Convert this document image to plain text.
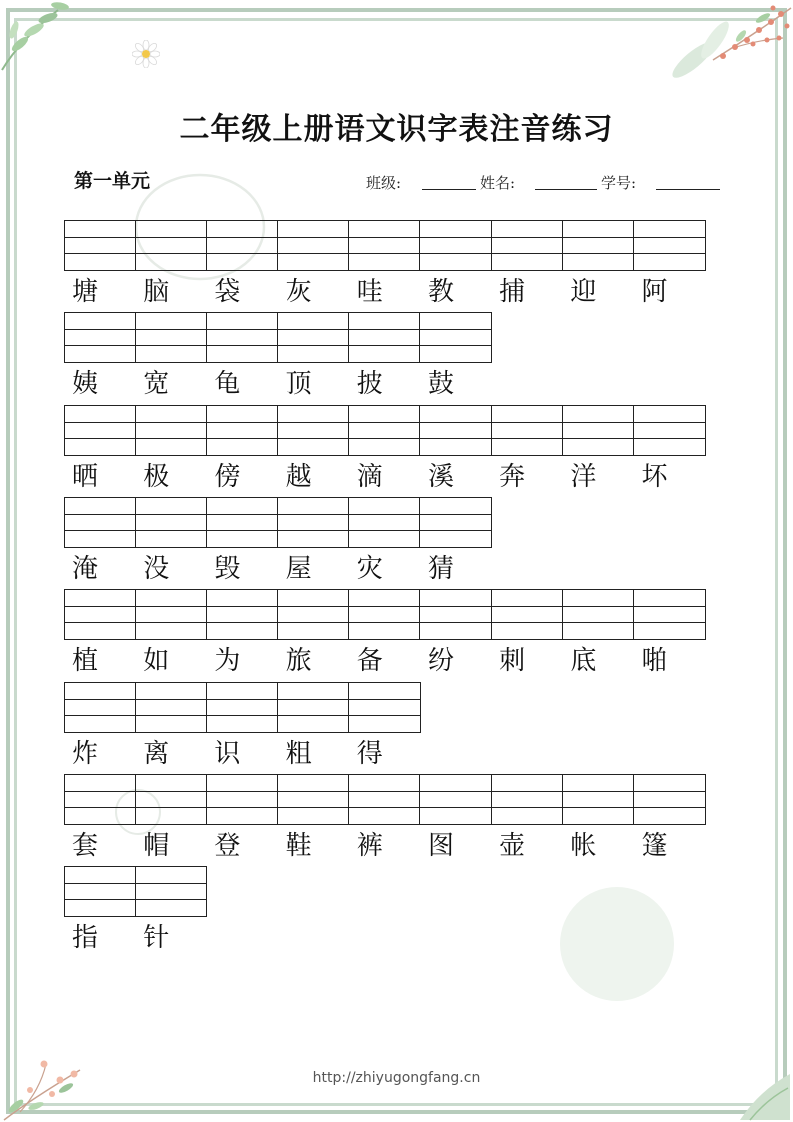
二年级上册语文识字表注音练习
第一单元	班级:	姓名:	学号:
塘	脑	袋	灰	哇	教	捕	迎	阿
姨	宽	龟	顶	披	鼓
晒	极	傍	越	滴	溪	奔	洋	坏
淹	没	毁	屋	灾	猜
植	如	为	旅	备	纷	刺	底	啪
炸	离	识	粗	得
套	帽	登	鞋	裤	图	壶	帐	篷
指	针
http://zhiyugongfang.cn
